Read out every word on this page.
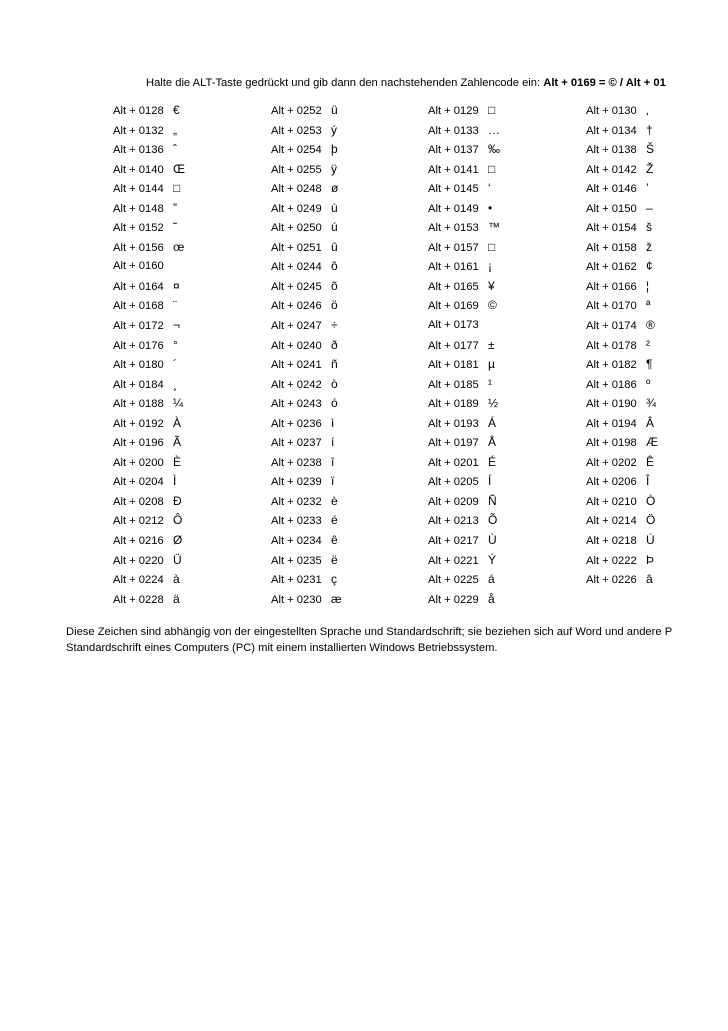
Halte die ALT-Taste gedrückt und gib dann den nachstehenden Zahlencode ein: Alt + 0169 = © / Alt + 01
Alt + 0128 €	Alt + 0252 ü	Alt + 0129 □	Alt + 0130 ‚
Alt + 0132 „	Alt + 0253 ý	Alt + 0133 …	Alt + 0134 †
Alt + 0136 ˆ	Alt + 0254 þ	Alt + 0137 ‰	Alt + 0138 Š
Alt + 0140 Œ	Alt + 0255 ÿ	Alt + 0141 □	Alt + 0142 Ž
Alt + 0144 □	Alt + 0248 ø	Alt + 0145 ‘	Alt + 0146 ’
Alt + 0148 ”	Alt + 0249 ù	Alt + 0149 •	Alt + 0150 –
Alt + 0152 ˜	Alt + 0250 ú	Alt + 0153 ™	Alt + 0154 š
Alt + 0156 œ	Alt + 0251 û	Alt + 0157 □	Alt + 0158 ž
Alt + 0160	Alt + 0244 ô	Alt + 0161 ¡	Alt + 0162 ¢
Alt + 0164 ¤	Alt + 0245 õ	Alt + 0165 ¥	Alt + 0166 ¦
Alt + 0168 ¨	Alt + 0246 ö	Alt + 0169 ©	Alt + 0170 ª
Alt + 0172 ¬	Alt + 0247 ÷	Alt + 0173	Alt + 0174 ®
Alt + 0176 °	Alt + 0240 ð	Alt + 0177 ±	Alt + 0178 ²
Alt + 0180 ´	Alt + 0241 ñ	Alt + 0181 µ	Alt + 0182 ¶
Alt + 0184 ¸	Alt + 0242 ò	Alt + 0185 ¹	Alt + 0186 º
Alt + 0188 ¼	Alt + 0243 ó	Alt + 0189 ½	Alt + 0190 ¾
Alt + 0192 À	Alt + 0236 ì	Alt + 0193 Á	Alt + 0194 Â
Alt + 0196 Ã	Alt + 0237 í	Alt + 0197 Å	Alt + 0198 Æ
Alt + 0200 È	Alt + 0238 î	Alt + 0201 É	Alt + 0202 Ê
Alt + 0204 Ì	Alt + 0239 ï	Alt + 0205 Í	Alt + 0206 Î
Alt + 0208 Ð	Alt + 0232 è	Alt + 0209 Ñ	Alt + 0210 Ò
Alt + 0212 Ô	Alt + 0233 é	Alt + 0213 Õ	Alt + 0214 Ö
Alt + 0216 Ø	Alt + 0234 ê	Alt + 0217 Ù	Alt + 0218 Ú
Alt + 0220 Ü	Alt + 0235 ë	Alt + 0221 Ý	Alt + 0222 Þ
Alt + 0224 à	Alt + 0231 ç	Alt + 0225 á	Alt + 0226 â
Alt + 0228 ä	Alt + 0230 æ	Alt + 0229 å
Diese Zeichen sind abhängig von der eingestellten Sprache und Standardschrift; sie beziehen sich auf Word und andere P
Standardschrift eines Computers (PC) mit einem installierten Windows Betriebssystem.
